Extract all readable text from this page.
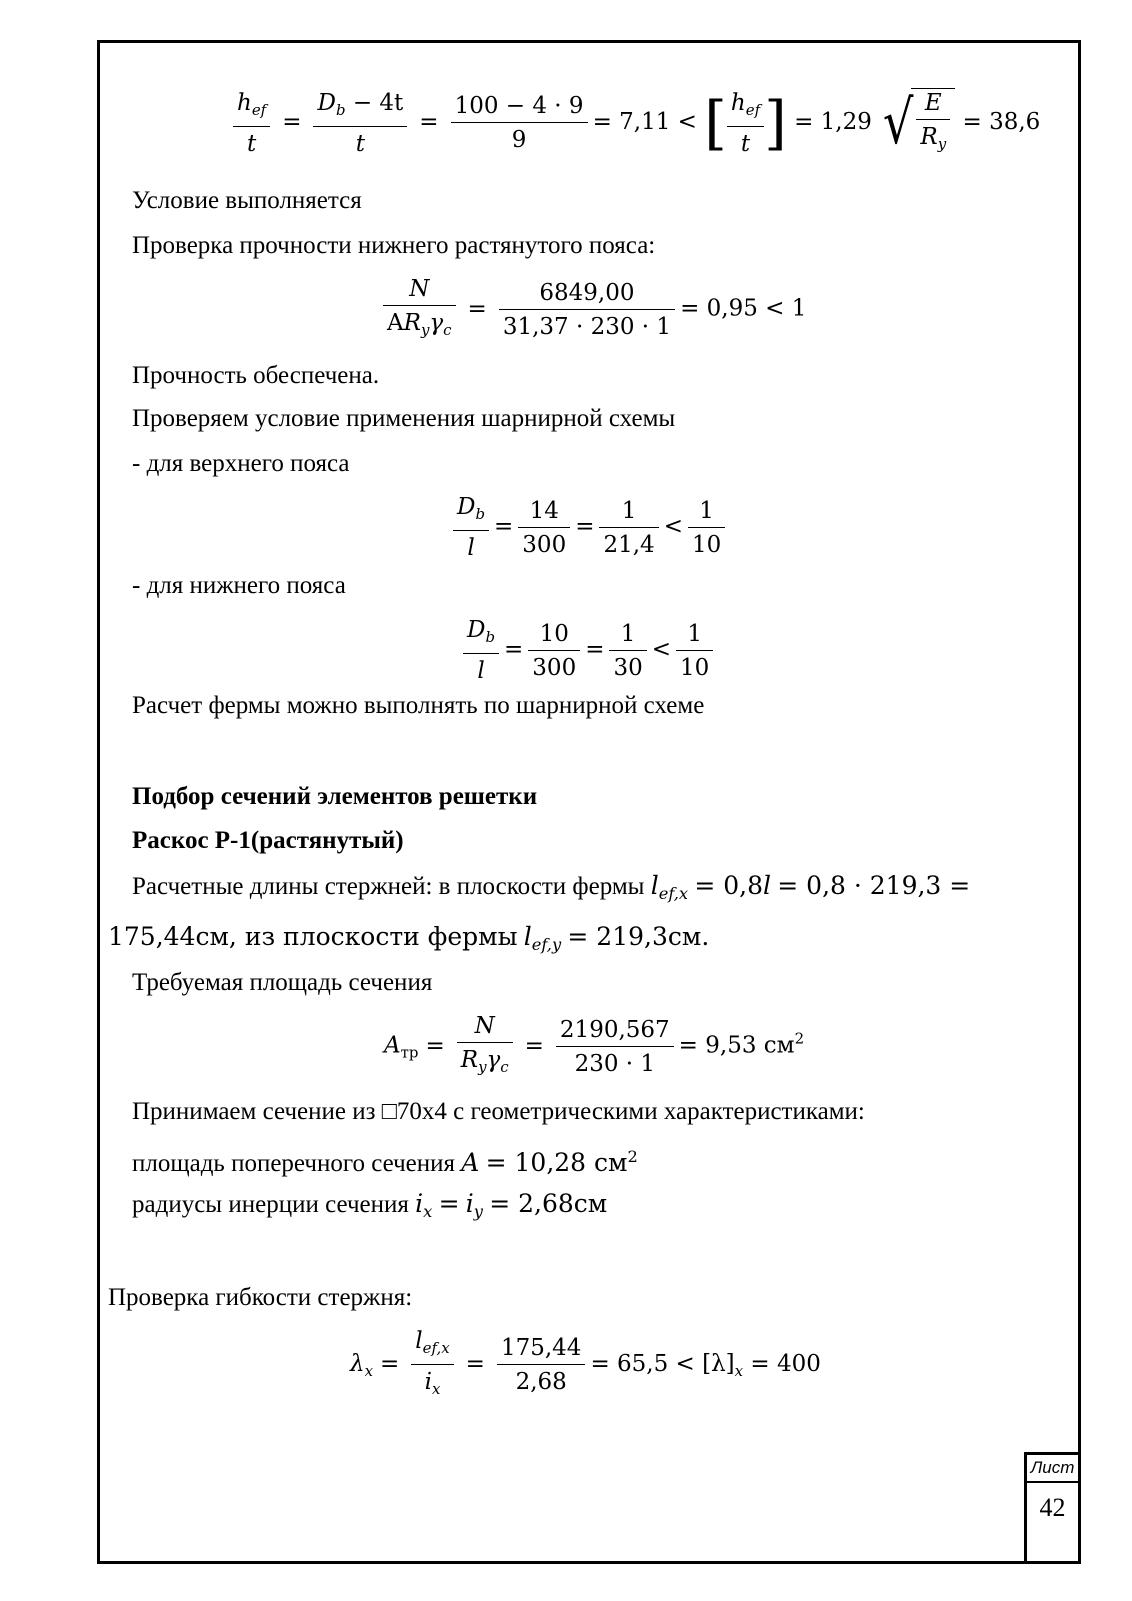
$\frac{h_{ef}}{t} = \frac{D_b - 4t}{t} = \frac{100 - 4 \cdot 9}{9} = 7,11$ < [ $\frac{h_{ef}}{t}$ ] = 1,29 √ $\frac{E}{R_y} = 38,6$
Условие выполняется
Проверка прочности нижнего растянутого пояса:
$\frac{N}{AR_y\gamma_c} = \frac{6849,00}{31,37 \cdot 230 \cdot 1} = 0,95 < 1$
Прочность обеспечена.
Проверяем условие применения шарнирной схемы
- для верхнего пояса
$\frac{D_b}{l} = \frac{14}{300} = \frac{1}{21,4} < \frac{1}{10}$
- для нижнего пояса
$\frac{D_b}{l} = \frac{10}{300} = \frac{1}{30} < \frac{1}{10}$
Расчет фермы можно выполнять по шарнирной схеме
Подбор сечений элементов решетки
Раскос Р-1(растянутый)
Расчетные длины стержней: в плоскости фермы $l_{ef,x} = 0,8l = 0,8 \cdot 219,3$ =
175,44см, из плоскости фермы $l_{ef,y} = 219,3см$.
Требуемая площадь сечения
$A_{тр} = \frac{N}{R_y\gamma_c} = \frac{2190,567}{230 \cdot 1} = 9,53$ $см^2$
Принимаем сечение из □70х4 с геометрическими характеристиками:
площадь поперечного сечения A = 10,28 $см^2$
радиусы инерции сечения $i_x = i_y = 2,68см$
Проверка гибкости стержня:
$\lambda_x = \frac{l_{ef,x}}{i_x} = \frac{175,44}{2,68} = 65,5 < [\lambda]_x = 400$
Лист
42
